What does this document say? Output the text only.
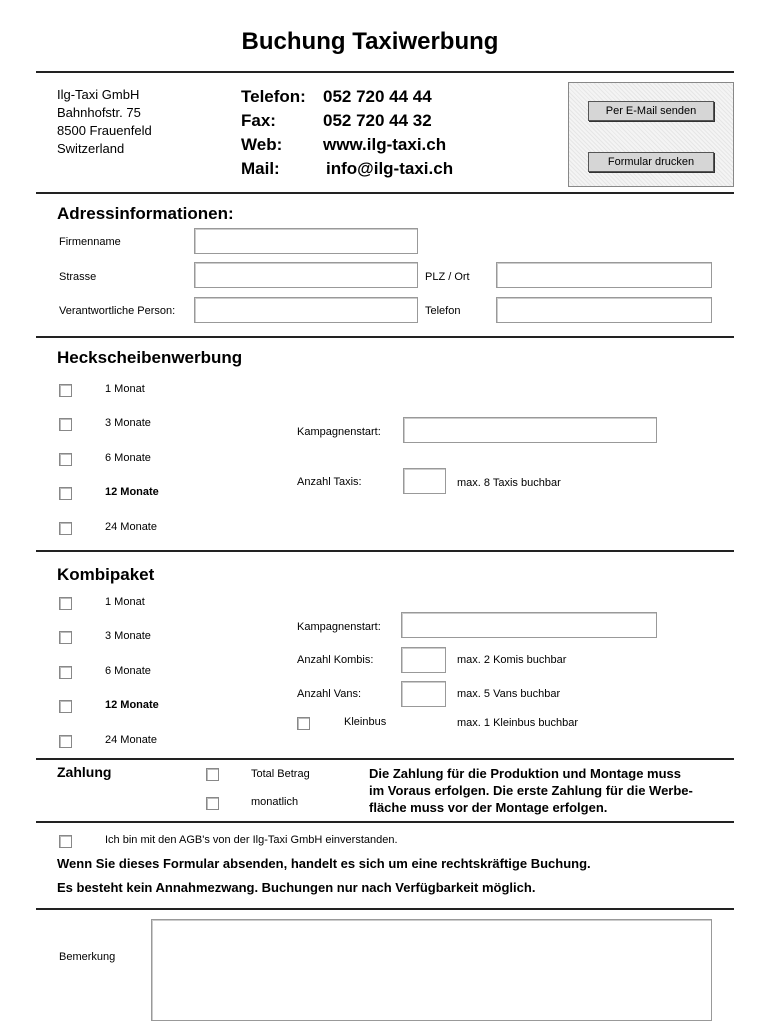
Buchung Taxiwerbung
Ilg-Taxi GmbH
Bahnhofstr. 75
8500 Frauenfeld
Switzerland
Telefon: 052 720 44 44
Fax:	052 720 44 32
Web: www.ilg-taxi.ch
Mail:	info@ilg-taxi.ch
Per E-Mail senden
Formular drucken
Adressinformationen:
Firmenname
Strasse	PLZ / Ort
Verantwortliche Person:	Telefon
Heckscheibenwerbung
1 Monat
3 Monate
6 Monate
12 Monate
24 Monate
Kampagnenstart:
Anzahl Taxis:	max. 8 Taxis buchbar
Kombipaket
1 Monat
3 Monate
6 Monate
12 Monate
24 Monate
Kampagnenstart:
Anzahl Kombis:	max. 2 Komis buchbar
Anzahl Vans:	max. 5 Vans buchbar
Kleinbus	max. 1 Kleinbus buchbar
Zahlung	Total Betrag
monatlich
Die Zahlung für die Produktion und Montage muss
im Voraus erfolgen. Die erste Zahlung für die Werbe-
fläche muss vor der Montage erfolgen.
Ich bin mit den AGB's von der Ilg-Taxi GmbH einverstanden.
Wenn Sie dieses Formular absenden, handelt es sich um eine rechtskräftige Buchung.
Es besteht kein Annahmezwang. Buchungen nur nach Verfügbarkeit möglich.
Bemerkung
